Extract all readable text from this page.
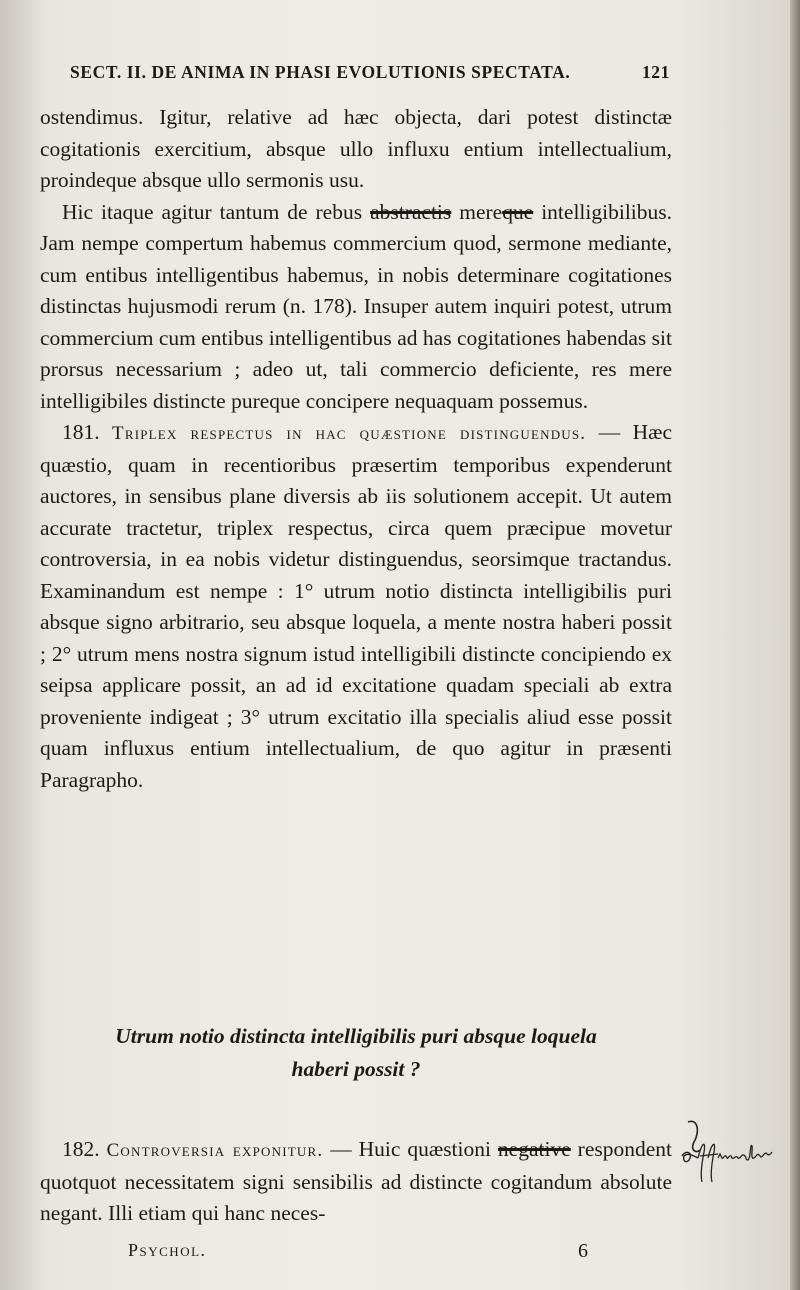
SECT. II. DE ANIMA IN PHASI EVOLUTIONIS SPECTATA.	121

ostendimus. Igitur, relative ad hæc objecta, dari potest distinctæ cogitationis exercitium, absque ullo influxu entium intellectualium, proindeque absque ullo sermonis usu.

Hic itaque agitur tantum de rebus abstractis mereque intelligibilibus. Jam nempe compertum habemus commercium quod, sermone mediante, cum entibus intelligentibus habemus, in nobis determinare cogitationes distinctas hujusmodi rerum (n. 178). Insuper autem inquiri potest, utrum commercium cum entibus intelligentibus ad has cogitationes habendas sit prorsus necessarium ; adeo ut, tali commercio deficiente, res mere intelligibiles distincte pureque concipere nequaquam possemus.

181. Triplex respectus in hac quæstione distinguendus. — Hæc quæstio, quam in recentioribus præsertim temporibus expenderunt auctores, in sensibus plane diversis ab iis solutionem accepit. Ut autem accurate tractetur, triplex respectus, circa quem præcipue movetur controversia, in ea nobis videtur distinguendus, seorsimque tractandus. Examinandum est nempe : 1° utrum notio distincta intelligibilis puri absque signo arbitrario, seu absque loquela, a mente nostra haberi possit ; 2° utrum mens nostra signum istud intelligibili distincte concipiendo ex seipsa applicare possit, an ad id excitatione quadam speciali ab extra proveniente indigeat ; 3° utrum excitatio illa specialis aliud esse possit quam influxus entium intellectualium, de quo agitur in præsenti Paragrapho.

Utrum notio distincta intelligibilis puri absque loquela
haberi possit ?

182. Controversia exponitur. — Huic quæstioni negative respondent quotquot necessitatem signi sensibilis ad distincte cogitandum absolute negant. Illi etiam qui hanc neces-

Psychol.	6
